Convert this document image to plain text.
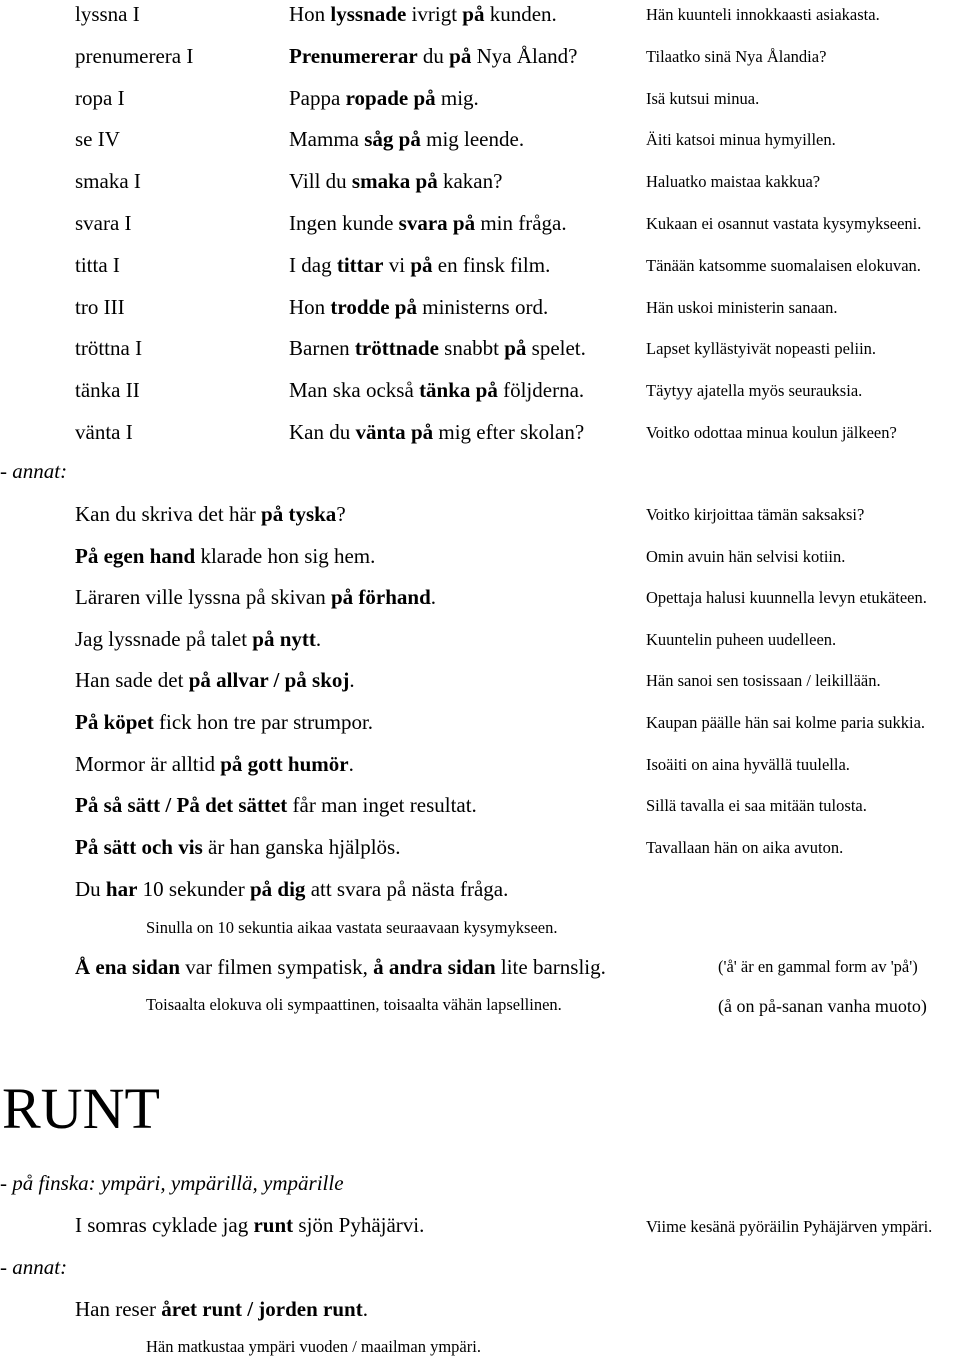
lyssna I	Hon lyssnade ivrigt på kunden.	Hän kuunteli innokkaasti asiakasta.
prenumerera I	Prenumererar du på Nya Åland?	Tilaatko sinä Nya Ålandia?
ropa I	Pappa ropade på mig.	Isä kutsui minua.
se IV	Mamma såg på mig leende.	Äiti katsoi minua hymyillen.
smaka I	Vill du smaka på kakan?	Haluatko maistaa kakkua?
svara I	Ingen kunde svara på min fråga.	Kukaan ei osannut vastata kysymykseeni.
titta I	I dag tittar vi på en finsk film.	Tänään katsomme suomalaisen elokuvan.
tro III	Hon trodde på ministerns ord.	Hän uskoi ministerin sanaan.
tröttna I	Barnen tröttnade snabbt på spelet.	Lapset kyllästyivät nopeasti peliin.
tänka II	Man ska också tänka på följderna.	Täytyy ajatella myös seurauksia.
vänta I	Kan du vänta på mig efter skolan?	Voitko odottaa minua koulun jälkeen?
- annat:
Kan du skriva det här på tyska?	Voitko kirjoittaa tämän saksaksi?
På egen hand klarade hon sig hem.	Omin avuin hän selvisi kotiin.
Läraren ville lyssna på skivan på förhand.	Opettaja halusi kuunnella levyn etukäteen.
Jag lyssnade på talet på nytt.	Kuuntelin puheen uudelleen.
Han sade det på allvar / på skoj.	Hän sanoi sen tosissaan / leikillään.
På köpet fick hon tre par strumpor.	Kaupan päälle hän sai kolme paria sukkia.
Mormor är alltid på gott humör.	Isoäiti on aina hyvällä tuulella.
På så sätt / På det sättet får man inget resultat.	Sillä tavalla ei saa mitään tulosta.
På sätt och vis är han ganska hjälplös.	Tavallaan hän on aika avuton.
Du har 10 sekunder på dig att svara på nästa fråga.
Sinulla on 10 sekuntia aikaa vastata seuraavaan kysymykseen.
Å ena sidan var filmen sympatisk, å andra sidan lite barnslig.	('å' är en gammal form av 'på')
Toisaalta elokuva oli sympaattinen, toisaalta vähän lapsellinen.	(å on på-sanan vanha muoto)
RUNT
- på finska: ympäri, ympärillä, ympärille
I somras cyklade jag runt sjön Pyhäjärvi.	Viime kesänä pyöräilin Pyhäjärven ympäri.
- annat:
Han reser året runt / jorden runt.
Hän matkustaa ympäri vuoden / maailman ympäri.
